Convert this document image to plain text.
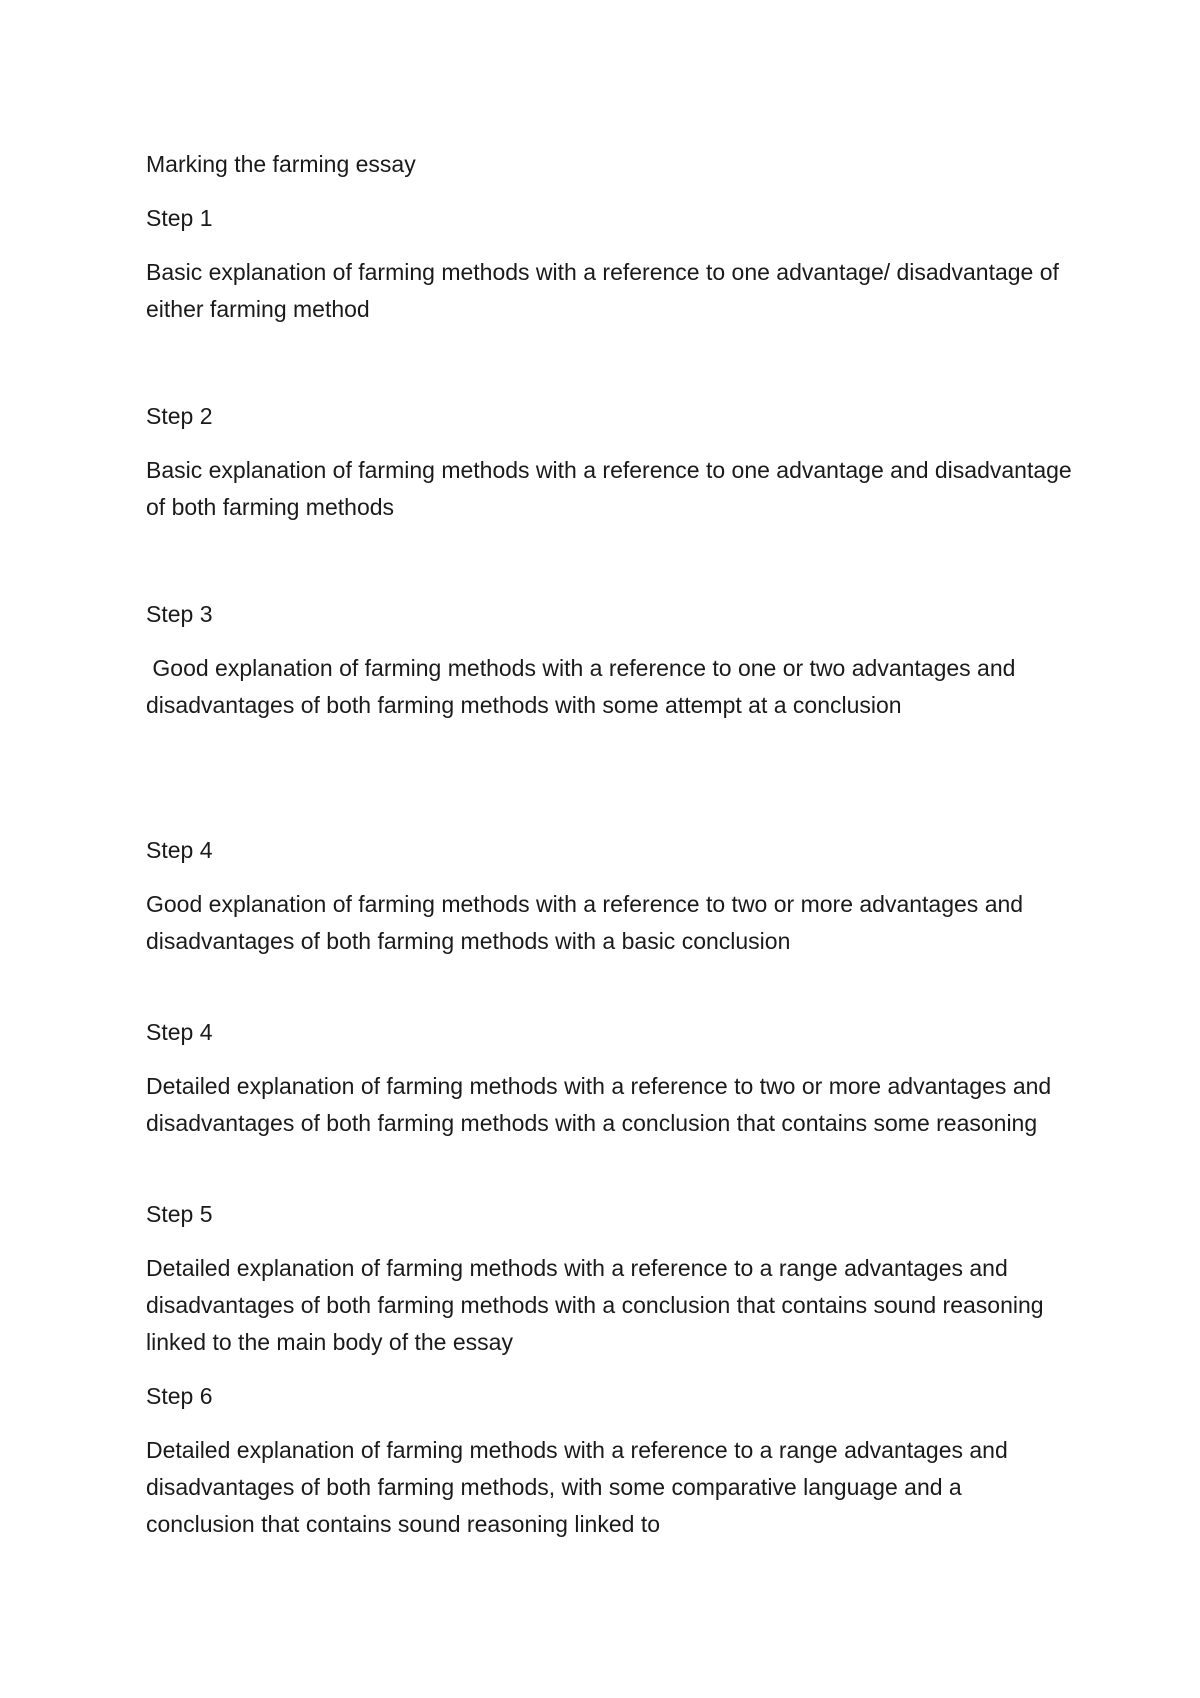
Marking the farming essay

Step 1

Basic explanation of farming methods with a reference to one advantage/ disadvantage of either farming method

Step 2

Basic explanation of farming methods with a reference to one advantage and disadvantage of both farming methods

Step 3

Good explanation of farming methods with a reference to one or two advantages and disadvantages of both farming methods with some attempt at a conclusion

Step 4

Good explanation of farming methods with a reference to two or more advantages and disadvantages of both farming methods with a basic conclusion

Step 4

Detailed explanation of farming methods with a reference to two or more advantages and disadvantages of both farming methods with a conclusion that contains some reasoning

Step 5

Detailed explanation of farming methods with a reference to a range advantages and disadvantages of both farming methods with a conclusion that contains sound reasoning linked to the main body of the essay

Step 6

Detailed explanation of farming methods with a reference to a range advantages and disadvantages of both farming methods, with some comparative language and a conclusion that contains sound reasoning linked to
